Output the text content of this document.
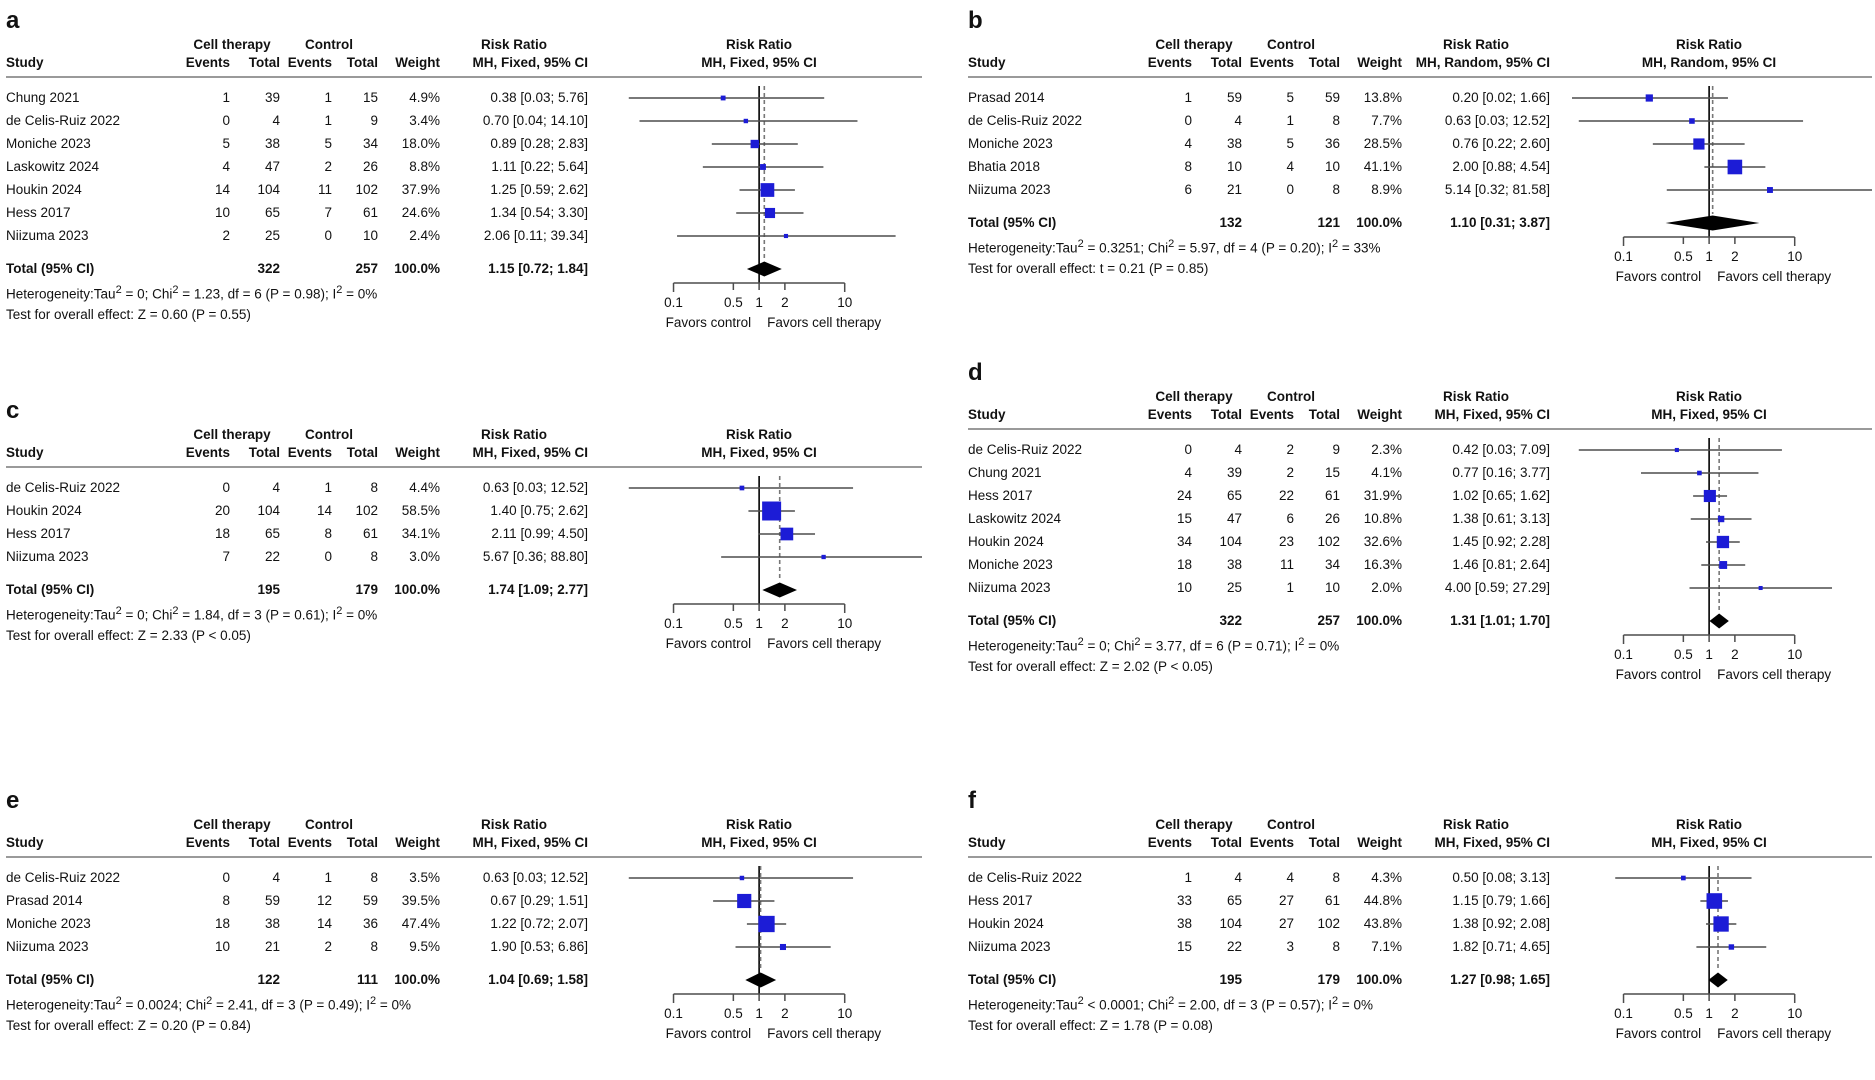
a
Cell therapy	Control	Risk Ratio
Study	Events	Total Events	Total	Weight	MH, Fixed, 95% CI
Risk Ratio
MH, Fixed, 95% CI
Chung 2021	1	39	1	15	4.9%	0.38 [0.03; 5.76]
de Celis-Ruiz 2022	0	4	1	9	3.4%	0.70 [0.04; 14.10]
Moniche 2023	5	38	5	34	18.0%	0.89 [0.28; 2.83]
Laskowitz 2024	4	47	2	26	8.8%	1.11 [0.22; 5.64]
Houkin 2024	14	104	11	102	37.9%	1.25 [0.59; 2.62]
Hess 2017	10	65	7	61	24.6%	1.34 [0.54; 3.30]
Niizuma 2023	2	25	0	10	2.4%	2.06 [0.11; 39.34]
Total (95% CI)	322	257	100.0%	1.15 [0.72; 1.84]
Heterogeneity:Tau$^2$ = 0; Chi$^2$ = 1.23, df = 6 (P = 0.98); $I^2 = 0\%$
Test for overall effect: Z = 0.60 (P = 0.55)
0.1	0.5 1 2	10
Favors control Favors cell therapy
b
Cell therapy	Control	Risk Ratio
Study	Events	Total Events	Total	Weight	MH, Random, 95% CI
Risk Ratio
MH, Random, 95% CI
Prasad 2014	1	59	5	59	13.8%	0.20 [0.02; 1.66]
de Celis-Ruiz 2022	0	4	1	8	7.7%	0.63 [0.03; 12.52]
Moniche 2023	4	38	5	36	28.5%	0.76 [0.22; 2.60]
Bhatia 2018	8	10	4	10	41.1%	2.00 [0.88; 4.54]
Niizuma 2023	6	21	0	8	8.9%	5.14 [0.32; 81.58]
Total (95% CI)	132	121	100.0%	1.10 [0.31; 3.87]
Heterogeneity:Tau$^2$ = 0.3251; Chi$^2$ = 5.97, df = 4 (P = 0.20); $I^2 = 33\%$
Test for overall effect: t = 0.21 (P = 0.85)
0.1	0.5 1 2	10
Favors control Favors cell therapy
c
Cell therapy	Control	Risk Ratio
Study	Events	Total Events	Total	Weight	MH, Fixed, 95% CI
Risk Ratio
MH, Fixed, 95% CI
de Celis-Ruiz 2022	0	4	1	8	4.4%	0.63 [0.03; 12.52]
Houkin 2024	20	104	14	102	58.5%	1.40 [0.75; 2.62]
Hess 2017	18	65	8	61	34.1%	2.11 [0.99; 4.50]
Niizuma 2023	7	22	0	8	3.0%	5.67 [0.36; 88.80]
Total (95% CI)	195	179	100.0%	1.74 [1.09; 2.77]
Heterogeneity:Tau$^2$ = 0; Chi$^2$ = 1.84, df = 3 (P = 0.61); $I^2 = 0\%$
Test for overall effect: Z = 2.33 (P < 0.05)
0.1	0.5 1 2	10
Favors control Favors cell therapy
d
Cell therapy	Control	Risk Ratio
Study	Events	Total Events	Total	Weight	MH, Fixed, 95% CI
Risk Ratio
MH, Fixed, 95% CI
de Celis-Ruiz 2022	0	4	2	9	2.3%	0.42 [0.03; 7.09]
Chung 2021	4	39	2	15	4.1%	0.77 [0.16; 3.77]
Hess 2017	24	65	22	61	31.9%	1.02 [0.65; 1.62]
Laskowitz 2024	15	47	6	26	10.8%	1.38 [0.61; 3.13]
Houkin 2024	34	104	23	102	32.6%	1.45 [0.92; 2.28]
Moniche 2023	18	38	11	34	16.3%	1.46 [0.81; 2.64]
Niizuma 2023	10	25	1	10	2.0%	4.00 [0.59; 27.29]
Total (95% CI)	322	257	100.0%	1.31 [1.01; 1.70]
Heterogeneity:Tau$^2$ = 0; Chi$^2$ = 3.77, df = 6 (P = 0.71); $I^2 = 0\%$
Test for overall effect: Z = 2.02 (P < 0.05)
0.1	0.5 1 2	10
Favors control Favors cell therapy
e
Cell therapy	Control	Risk Ratio
Study	Events	Total Events	Total	Weight	MH, Fixed, 95% CI
Risk Ratio
MH, Fixed, 95% CI
de Celis-Ruiz 2022	0	4	1	8	3.5%	0.63 [0.03; 12.52]
Prasad 2014	8	59	12	59	39.5%	0.67 [0.29; 1.51]
Moniche 2023	18	38	14	36	47.4%	1.22 [0.72; 2.07]
Niizuma 2023	10	21	2	8	9.5%	1.90 [0.53; 6.86]
Total (95% CI)	122	111	100.0%	1.04 [0.69; 1.58]
Heterogeneity:Tau$^2$ = 0.0024; Chi$^2$ = 2.41, df = 3 (P = 0.49); $I^2 = 0\%$
Test for overall effect: Z = 0.20 (P = 0.84)
0.1	0.5 1 2	10
Favors control Favors cell therapy
f
Cell therapy	Control	Risk Ratio
Study	Events	Total Events	Total	Weight	MH, Fixed, 95% CI
Risk Ratio
MH, Fixed, 95% CI
de Celis-Ruiz 2022	1	4	4	8	4.3%	0.50 [0.08; 3.13]
Hess 2017	33	65	27	61	44.8%	1.15 [0.79; 1.66]
Houkin 2024	38	104	27	102	43.8%	1.38 [0.92; 2.08]
Niizuma 2023	15	22	3	8	7.1%	1.82 [0.71; 4.65]
Total (95% CI)	195	179	100.0%	1.27 [0.98; 1.65]
Heterogeneity:Tau$^2$ < 0.0001; Chi$^2$ = 2.00, df = 3 (P = 0.57); $I^2 = 0\%$
Test for overall effect: Z = 1.78 (P = 0.08)
0.1	0.5 1 2	10
Favors control Favors cell therapy
